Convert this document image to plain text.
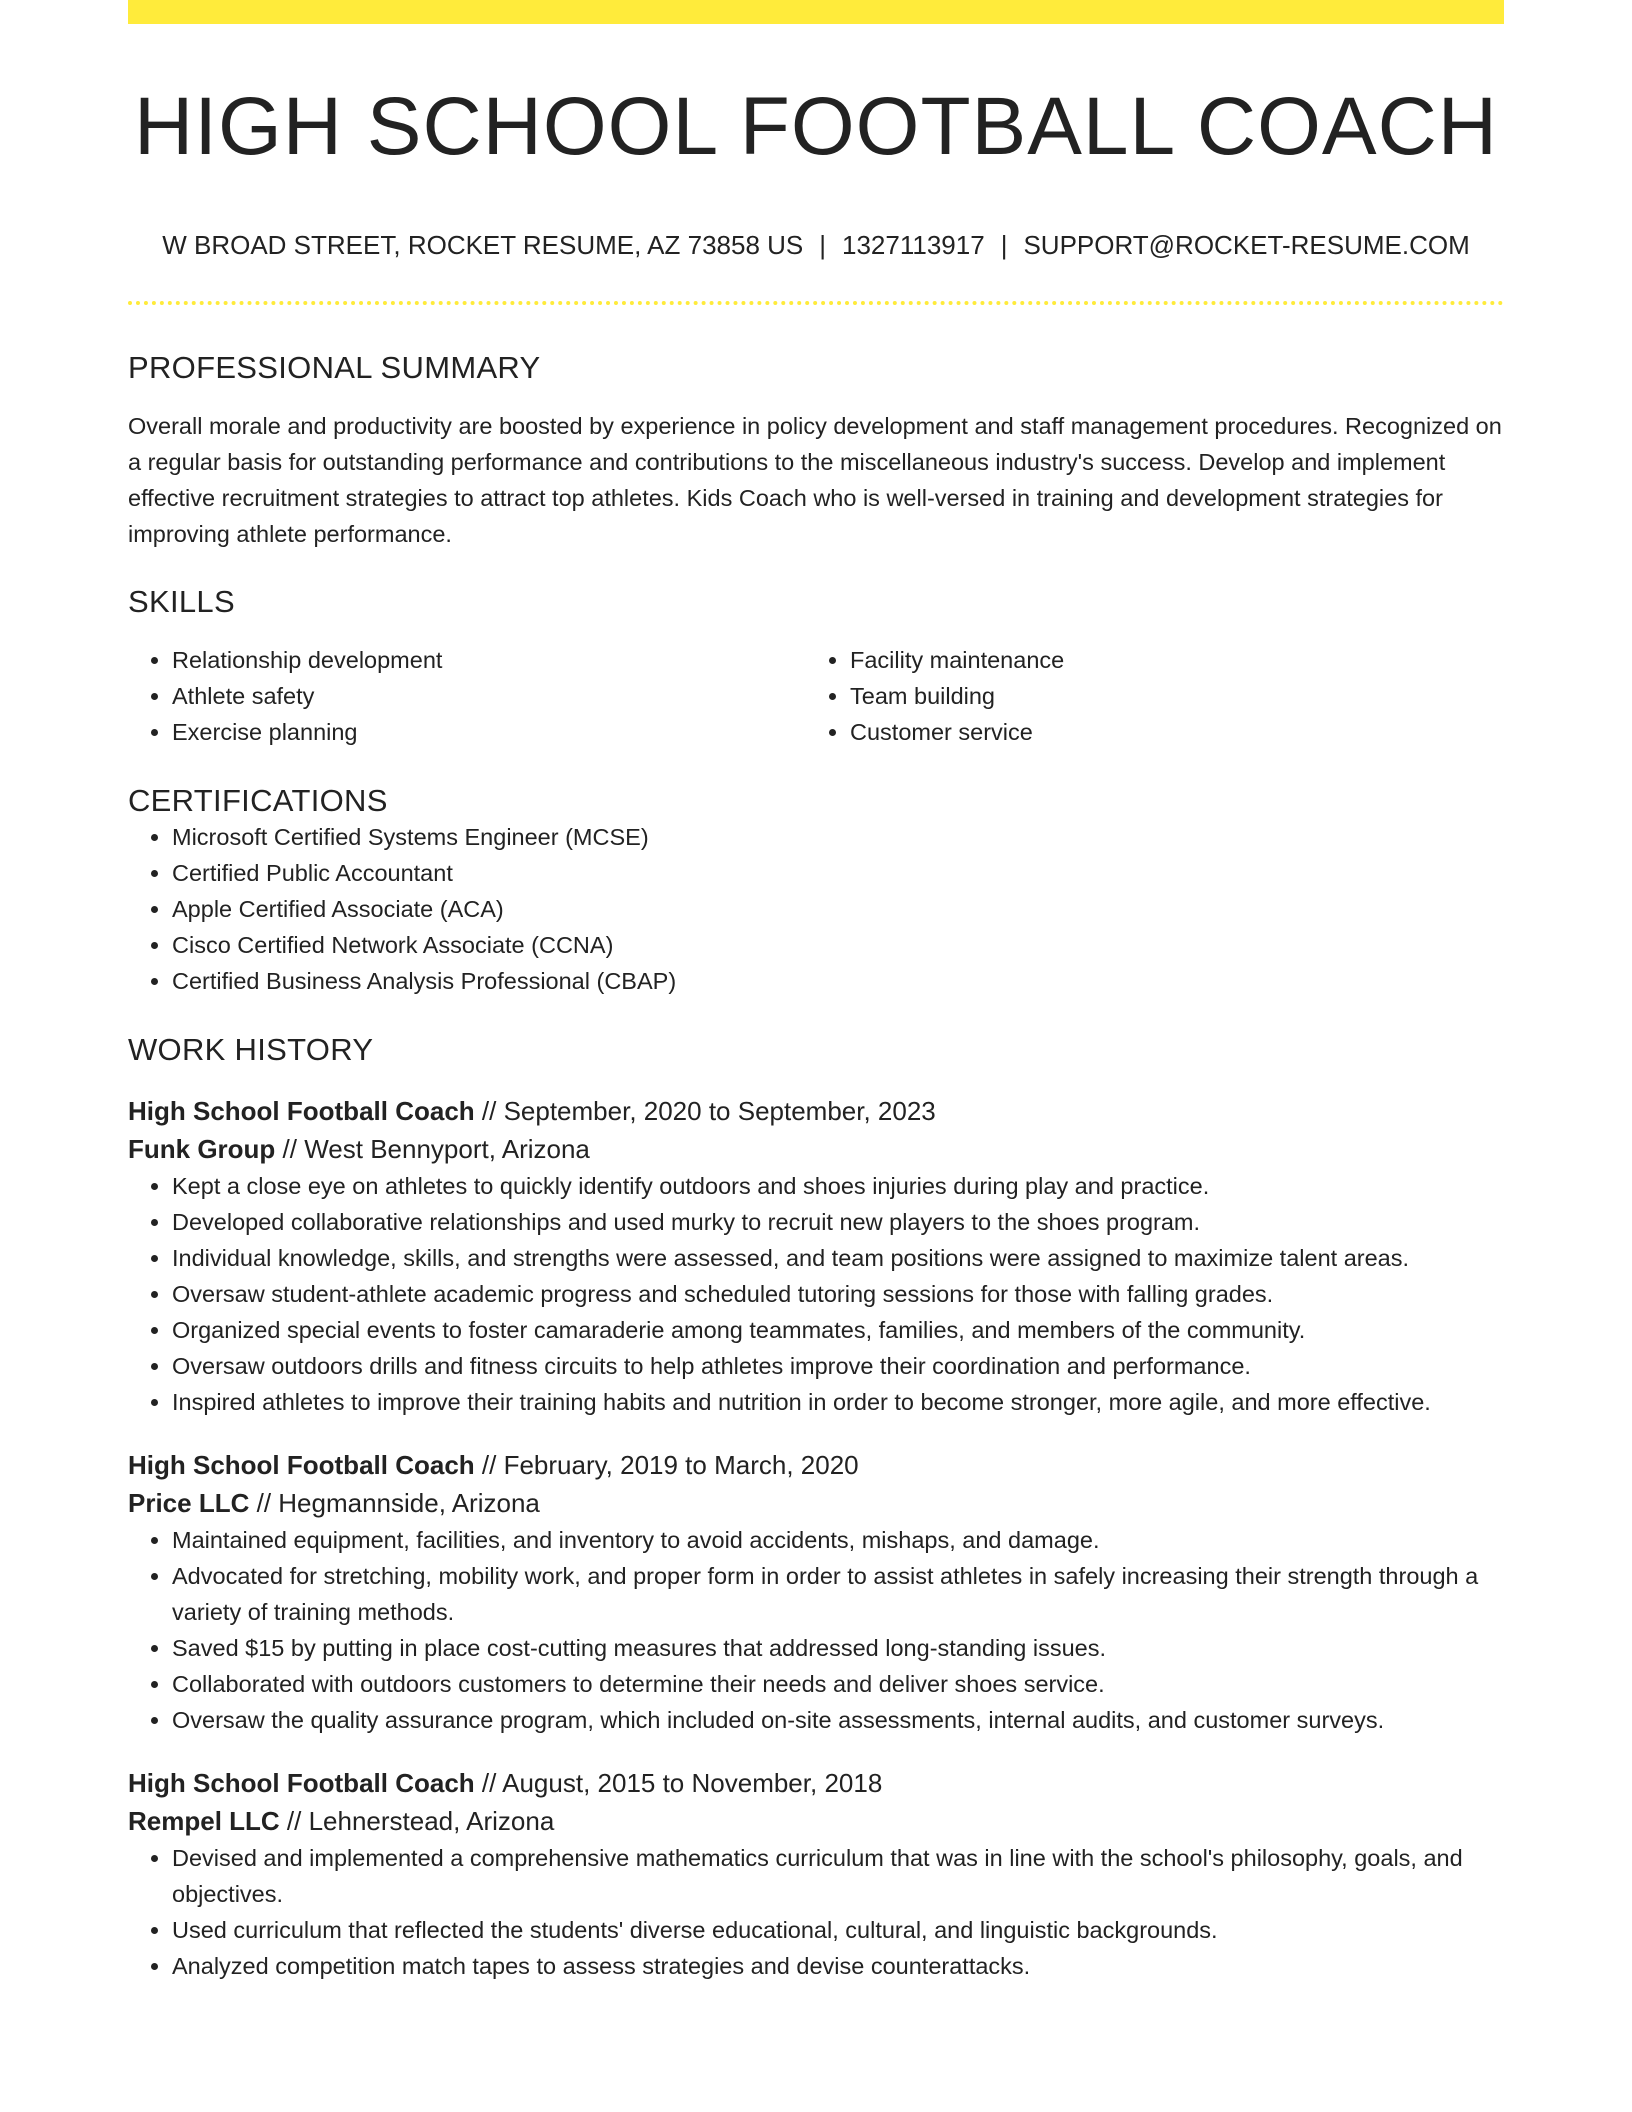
HIGH SCHOOL FOOTBALL COACH
W BROAD STREET, ROCKET RESUME, AZ 73858 US | 1327113917 | SUPPORT@ROCKET-RESUME.COM
PROFESSIONAL SUMMARY
Overall morale and productivity are boosted by experience in policy development and staff management procedures. Recognized on a regular basis for outstanding performance and contributions to the miscellaneous industry's success. Develop and implement effective recruitment strategies to attract top athletes. Kids Coach who is well-versed in training and development strategies for improving athlete performance.
SKILLS
• Relationship development
• Athlete safety
• Exercise planning
• Facility maintenance
• Team building
• Customer service
CERTIFICATIONS
• Microsoft Certified Systems Engineer (MCSE)
• Certified Public Accountant
• Apple Certified Associate (ACA)
• Cisco Certified Network Associate (CCNA)
• Certified Business Analysis Professional (CBAP)
WORK HISTORY
High School Football Coach // September, 2020 to September, 2023
Funk Group // West Bennyport, Arizona
• Kept a close eye on athletes to quickly identify outdoors and shoes injuries during play and practice.
• Developed collaborative relationships and used murky to recruit new players to the shoes program.
• Individual knowledge, skills, and strengths were assessed, and team positions were assigned to maximize talent areas.
• Oversaw student-athlete academic progress and scheduled tutoring sessions for those with falling grades.
• Organized special events to foster camaraderie among teammates, families, and members of the community.
• Oversaw outdoors drills and fitness circuits to help athletes improve their coordination and performance.
• Inspired athletes to improve their training habits and nutrition in order to become stronger, more agile, and more effective.
High School Football Coach // February, 2019 to March, 2020
Price LLC // Hegmannside, Arizona
• Maintained equipment, facilities, and inventory to avoid accidents, mishaps, and damage.
• Advocated for stretching, mobility work, and proper form in order to assist athletes in safely increasing their strength through a variety of training methods.
• Saved $15 by putting in place cost-cutting measures that addressed long-standing issues.
• Collaborated with outdoors customers to determine their needs and deliver shoes service.
• Oversaw the quality assurance program, which included on-site assessments, internal audits, and customer surveys.
High School Football Coach // August, 2015 to November, 2018
Rempel LLC // Lehnerstead, Arizona
• Devised and implemented a comprehensive mathematics curriculum that was in line with the school's philosophy, goals, and objectives.
• Used curriculum that reflected the students' diverse educational, cultural, and linguistic backgrounds.
• Analyzed competition match tapes to assess strategies and devise counterattacks.
